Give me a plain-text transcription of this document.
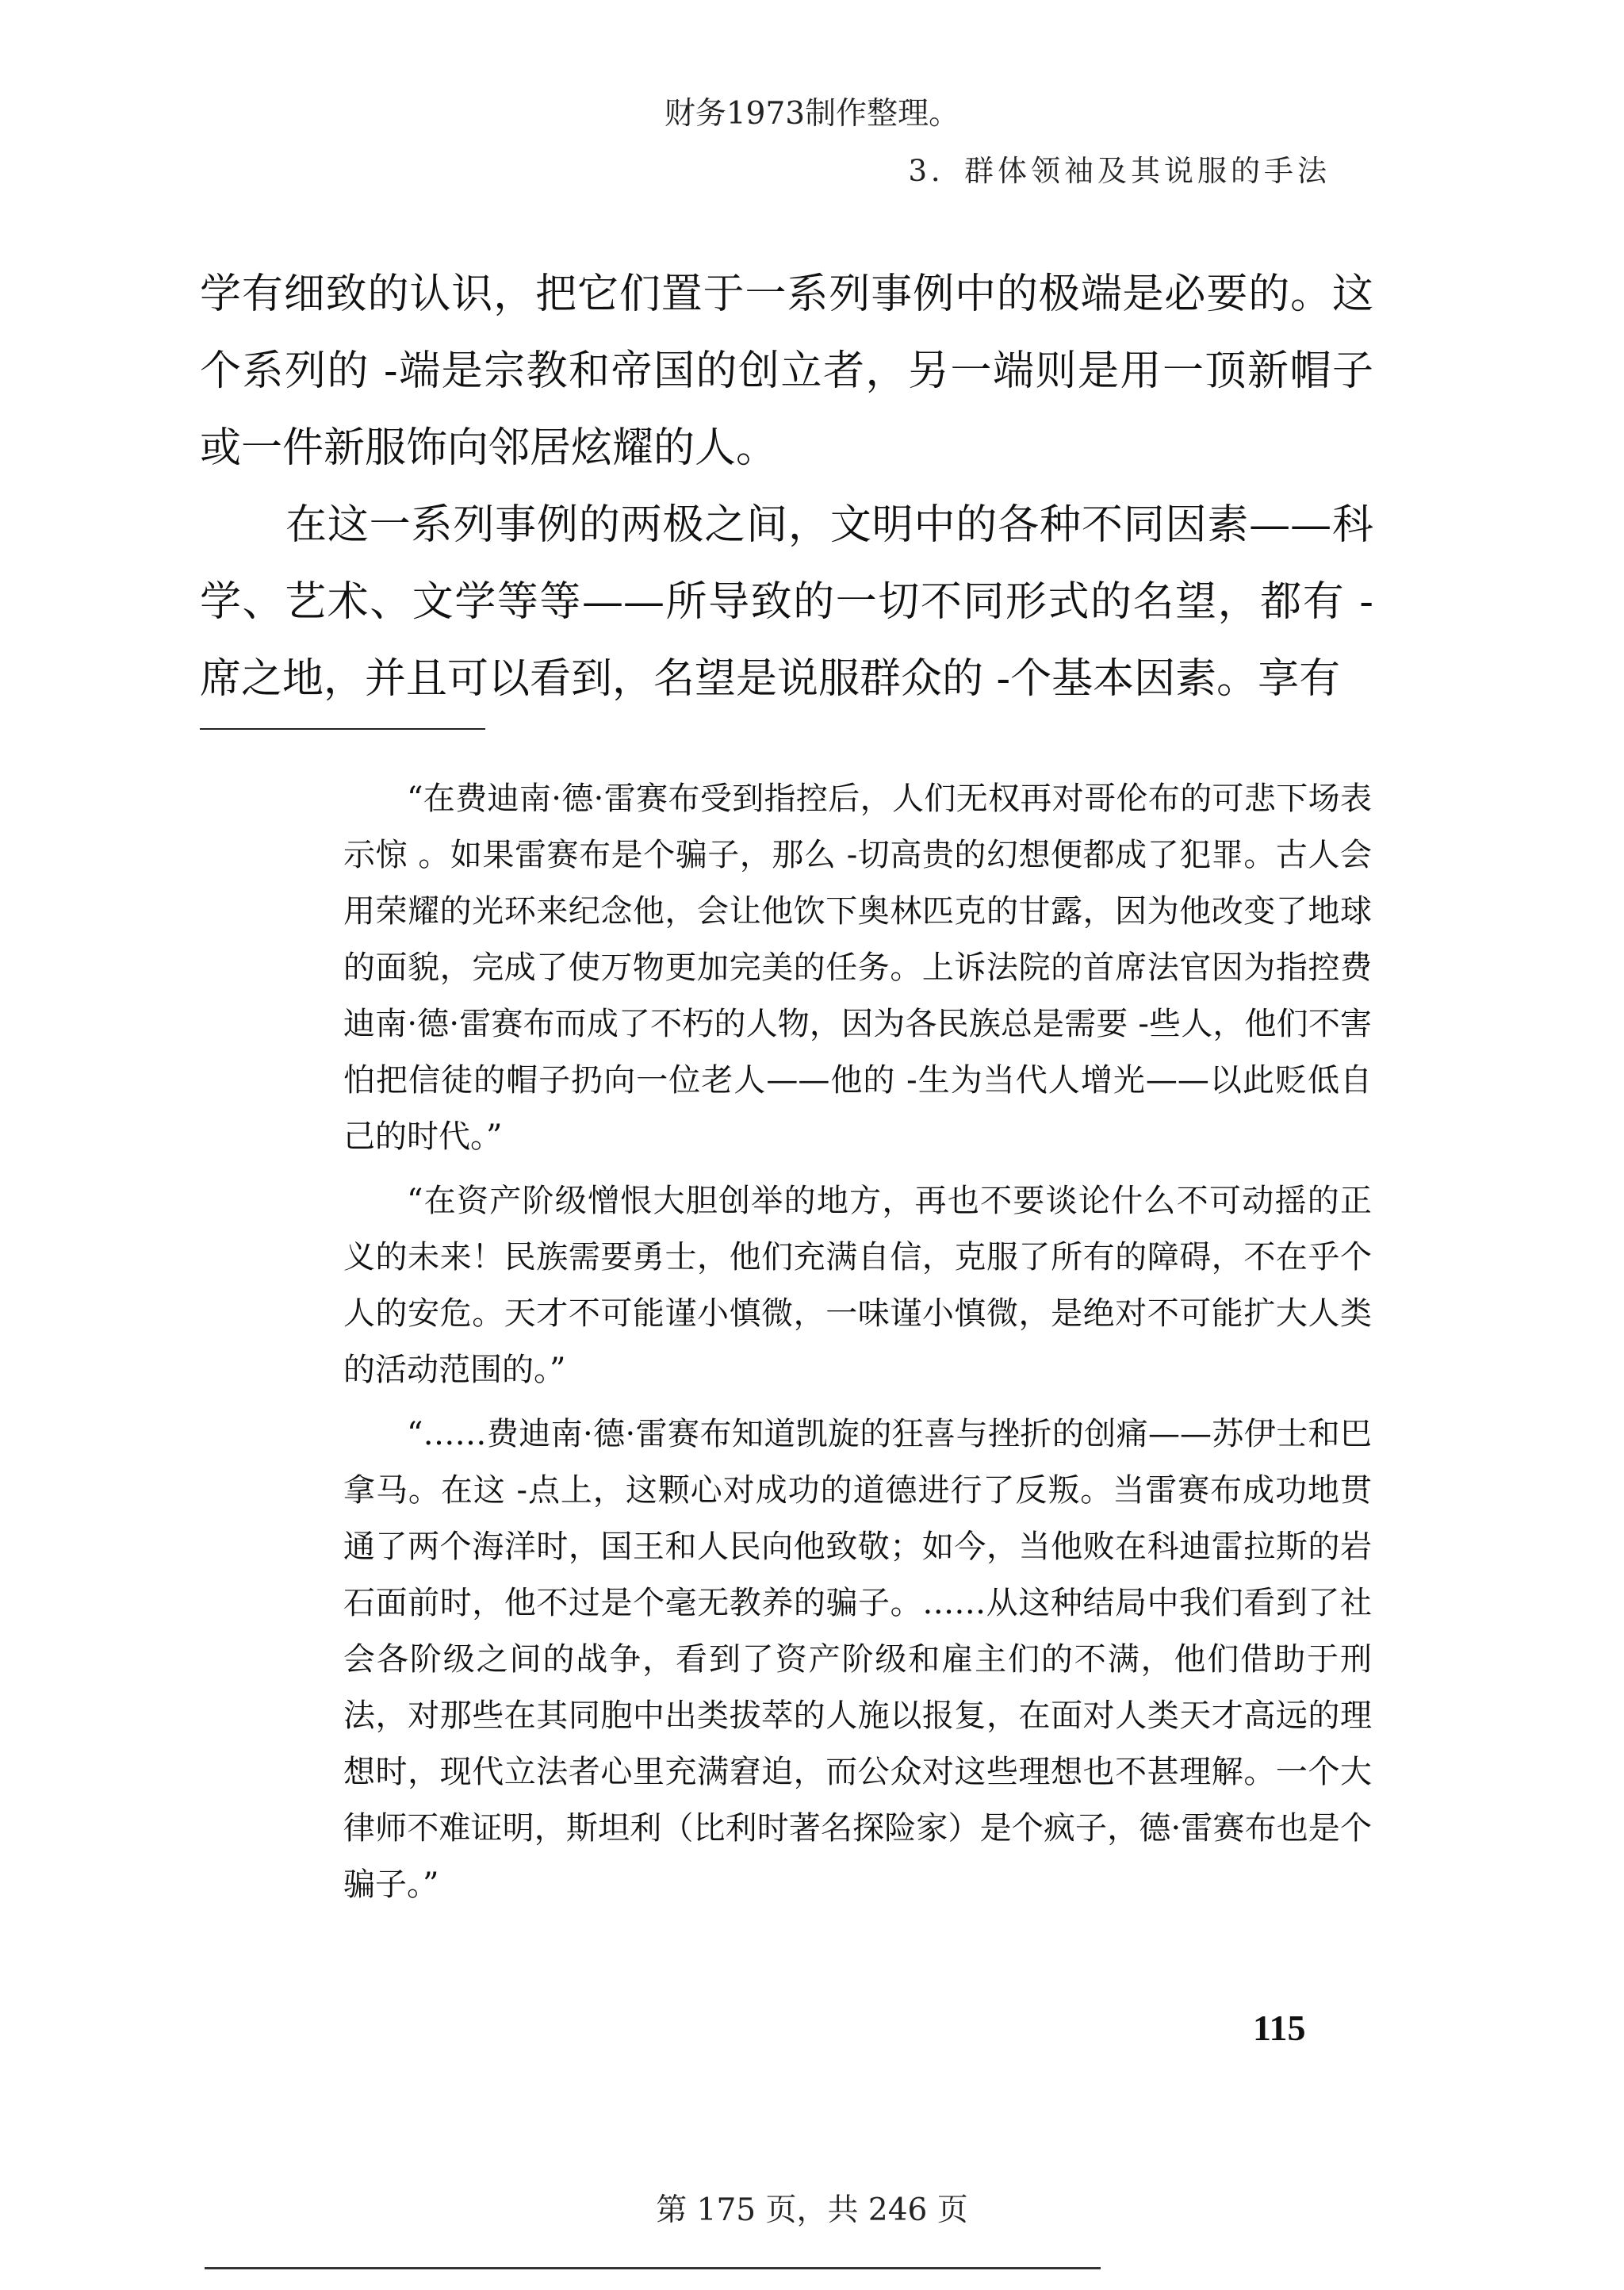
财务1973制作整理。
3．群体领袖及其说服的手法

学有细致的认识，把它们置于一系列事例中的极端是必要的。这个系列的 -端是宗教和帝国的创立者，另一端则是用一顶新帽子或一件新服饰向邻居炫耀的人。

在这一系列事例的两极之间，文明中的各种不同因素——科学、艺术、文学等等——所导致的一切不同形式的名望，都有 -席之地，并且可以看到，名望是说服群众的 -个基本因素。享有

“在费迪南·德·雷赛布受到指控后，人们无权再对哥伦布的可悲下场表示惊 。如果雷赛布是个骗子，那么 -切高贵的幻想便都成了犯罪。古人会用荣耀的光环来纪念他，会让他饮下奥林匹克的甘露，因为他改变了地球的面貌，完成了使万物更加完美的任务。上诉法院的首席法官因为指控费迪南·德·雷赛布而成了不朽的人物，因为各民族总是需要 -些人，他们不害怕把信徒的帽子扔向一位老人——他的 -生为当代人增光——以此贬低自己的时代。”

“在资产阶级憎恨大胆创举的地方，再也不要谈论什么不可动摇的正义的未来！民族需要勇士，他们充满自信，克服了所有的障碍，不在乎个人的安危。天才不可能谨小慎微，一味谨小慎微，是绝对不可能扩大人类的活动范围的。”

“……费迪南·德·雷赛布知道凯旋的狂喜与挫折的创痛——苏伊士和巴拿马。在这 -点上，这颗心对成功的道德进行了反叛。当雷赛布成功地贯通了两个海洋时，国王和人民向他致敬；如今，当他败在科迪雷拉斯的岩石面前时，他不过是个毫无教养的骗子。……从这种结局中我们看到了社会各阶级之间的战争，看到了资产阶级和雇主们的不满，他们借助于刑法，对那些在其同胞中出类拔萃的人施以报复，在面对人类天才高远的理想时，现代立法者心里充满窘迫，而公众对这些理想也不甚理解。一个大律师不难证明，斯坦利（比利时著名探险家）是个疯子，德·雷赛布也是个骗子。”

115
第 175 页，共 246 页
